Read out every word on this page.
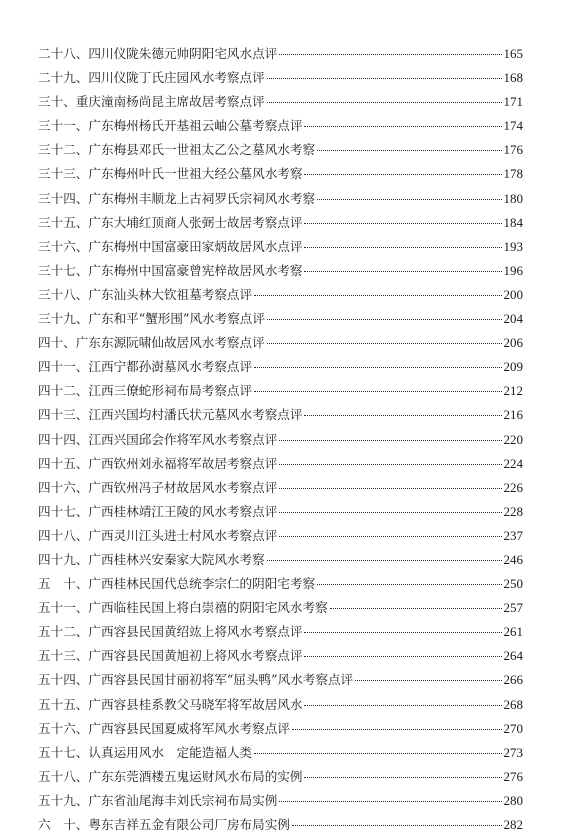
二十八、四川仪陇朱德元帅阴阳宅风水点评	165
二十九、四川仪陇丁氏庄园风水考察点评	168
三十、重庆潼南杨尚昆主席故居考察点评	171
三十一、广东梅州杨氏开基祖云岫公墓考察点评	174
三十二、广东梅县邓氏一世祖太乙公之墓风水考察	176
三十三、广东梅州叶氏一世祖大经公墓风水考察	178
三十四、广东梅州丰顺龙上古祠罗氏宗祠风水考察	180
三十五、广东大埔红顶商人张弼士故居考察点评	184
三十六、广东梅州中国富豪田家炳故居风水点评	193
三十七、广东梅州中国富豪曾宪梓故居风水考察	196
三十八、广东汕头林大钦祖墓考察点评	200
三十九、广东和平“蟹形围”风水考察点评	204
四十、广东东源阮啸仙故居风水考察点评	206
四十一、江西宁都孙澍墓风水考察点评	209
四十二、江西三僚蛇形祠布局考察点评	212
四十三、江西兴国均村潘氏状元墓风水考察点评	216
四十四、江西兴国邱会作将军风水考察点评	220
四十五、广西钦州刘永福将军故居考察点评	224
四十六、广西钦州冯子材故居风水考察点评	226
四十七、广西桂林靖江王陵的风水考察点评	228
四十八、广西灵川江头进士村风水考察点评	237
四十九、广西桂林兴安秦家大院风水考察	246
五　十、广西桂林民国代总统李宗仁的阴阳宅考察	250
五十一、广西临桂民国上将白崇禧的阴阳宅风水考察	257
五十二、广西容县民国黄绍竑上将风水考察点评	261
五十三、广西容县民国黄旭初上将风水考察点评	264
五十四、广西容县民国甘丽初将军“屈头鸭”风水考察点评	266
五十五、广西容县桂系教父马晓军将军故居风水	268
五十六、广西容县民国夏威将军风水考察点评	270
五十七、认真运用风水　定能造福人类	273
五十八、广东东莞酒楼五鬼运财风水布局的实例	276
五十九、广东省汕尾海丰刘氏宗祠布局实例	280
六　十、粤东吉祥五金有限公司厂房布局实例	282
